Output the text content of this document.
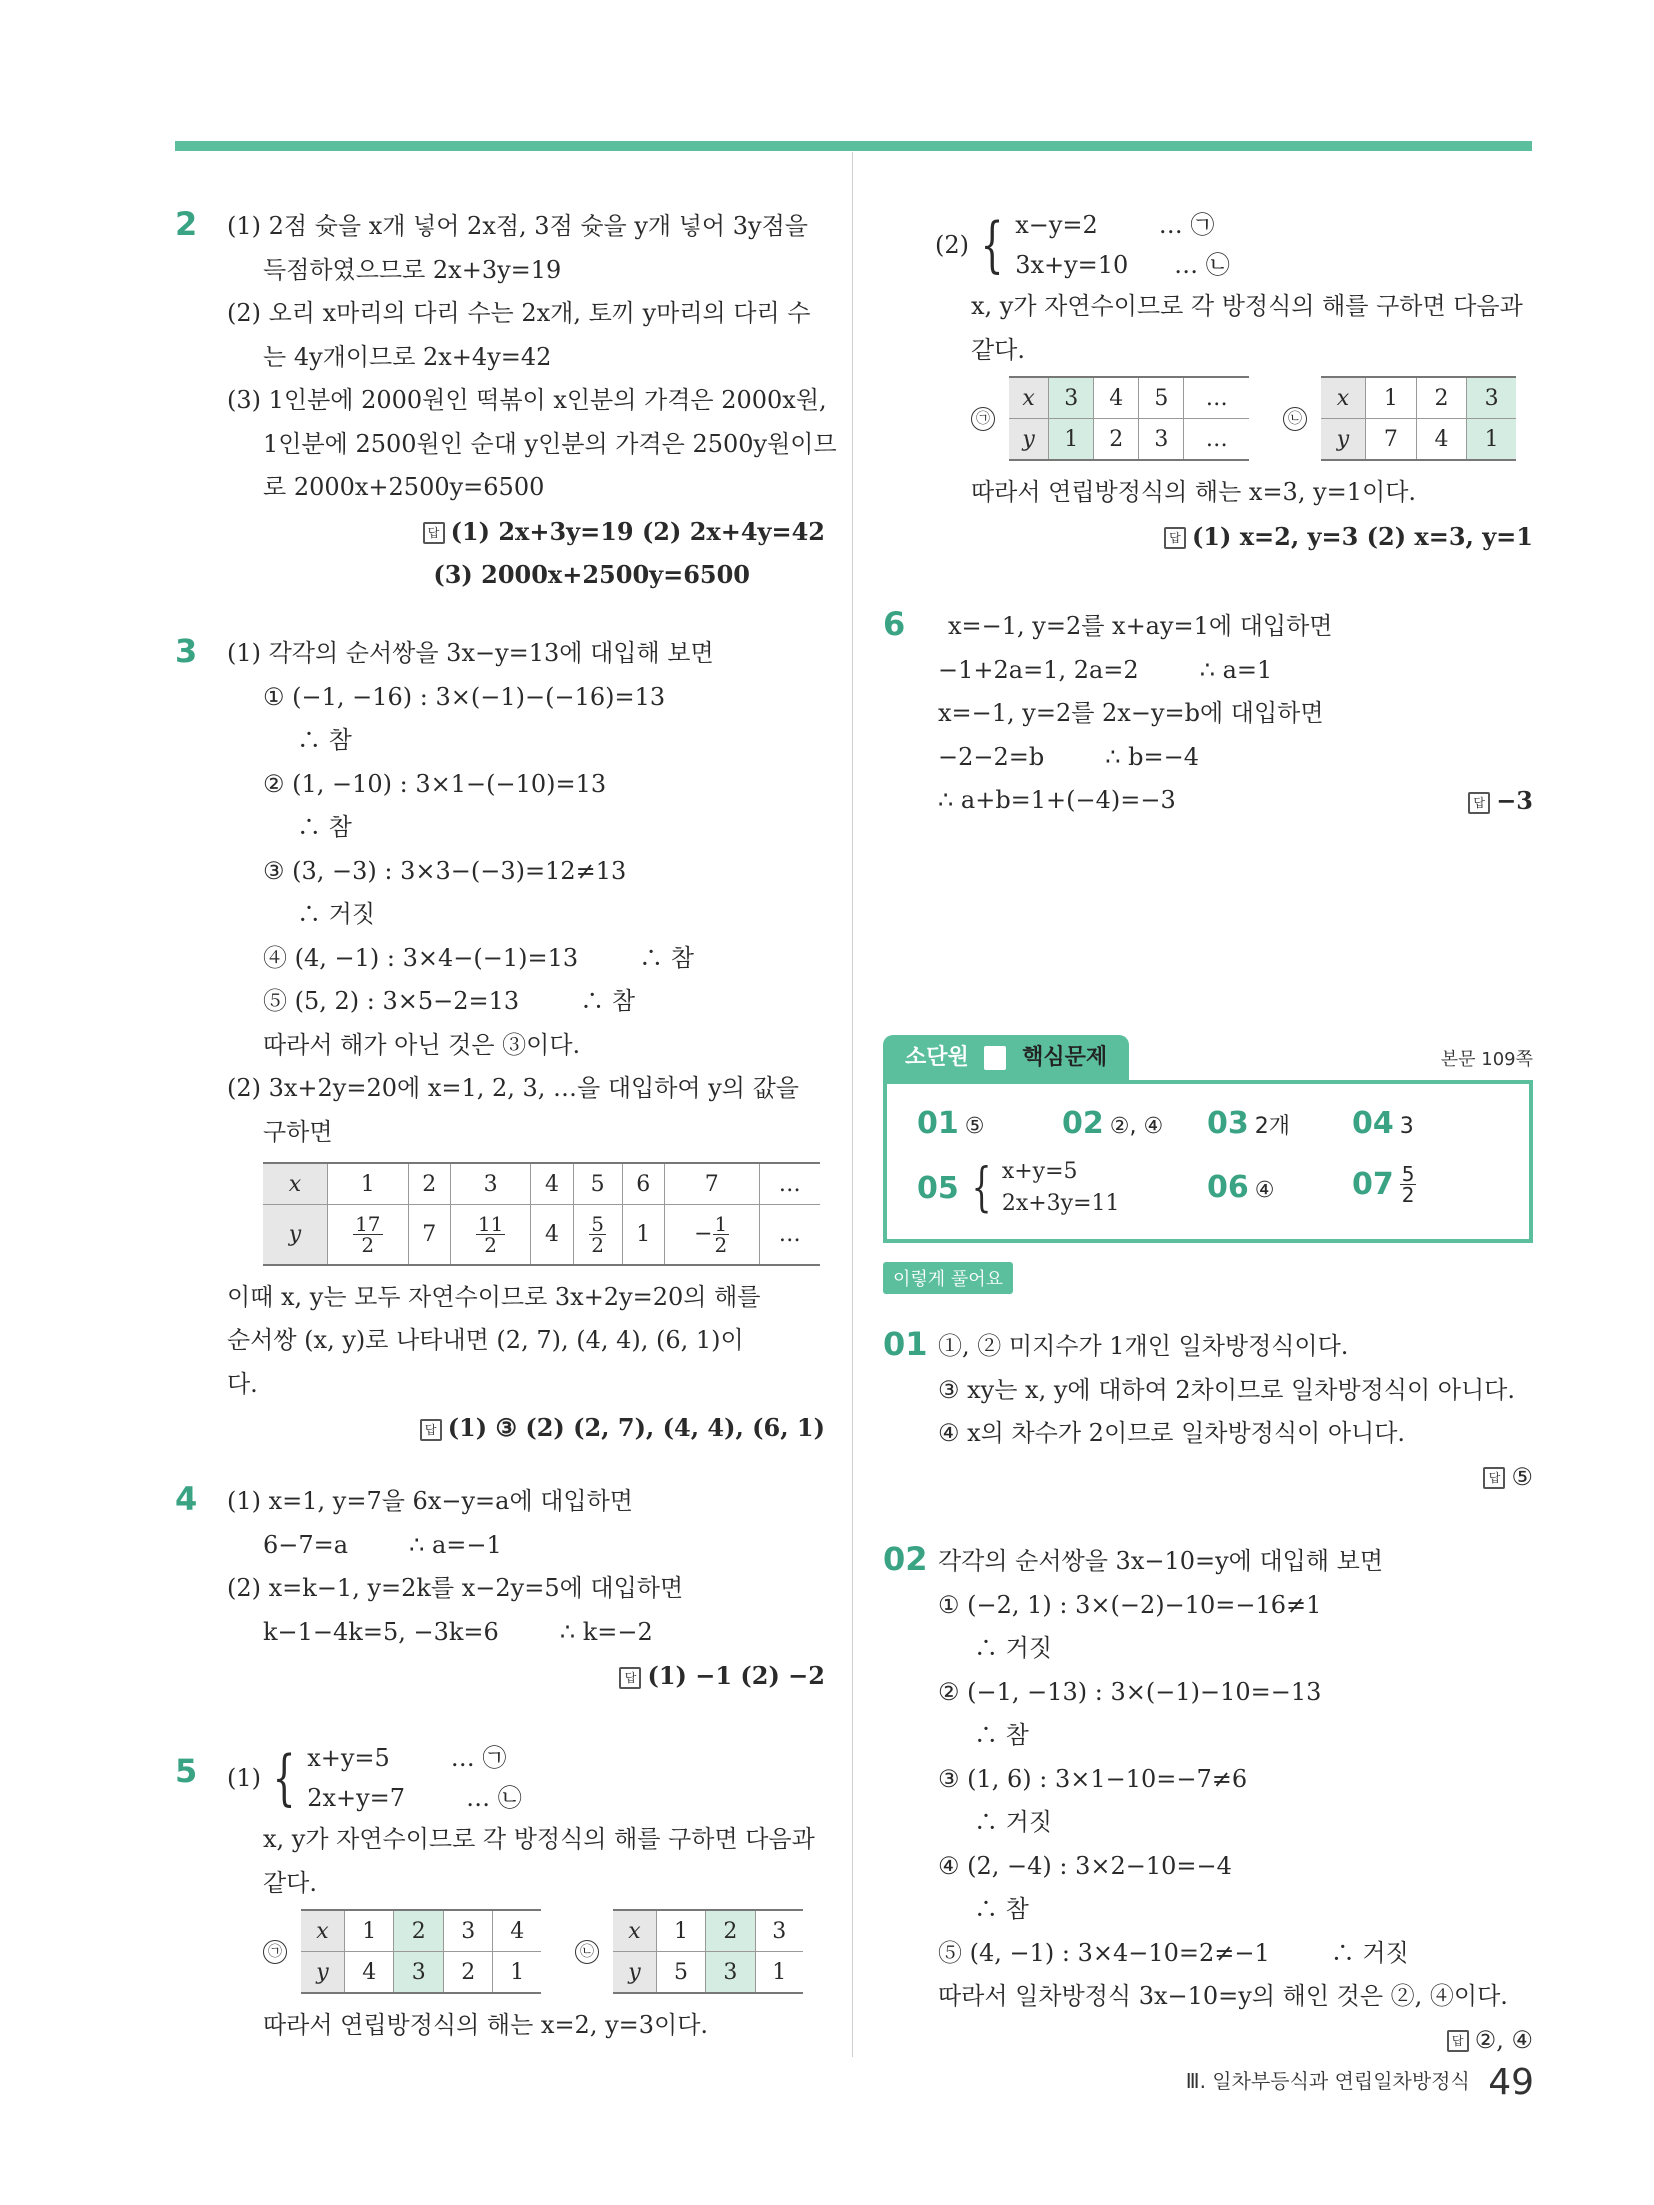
2 (1) 2점 슛을 x개 넣어 2x점, 3점 슛을 y개 넣어 3y점을
득점하였으므로 2x+3y=19
(2) 오리 x마리의 다리 수는 2x개, 토끼 y마리의 다리 수
는 4y개이므로 2x+4y=42
(3) 1인분에 2000원인 떡볶이 x인분의 가격은 2000x원,
1인분에 2500원인 순대 y인분의 가격은 2500y원이므
로 2000x+2500y=6500
답 (1) 2x+3y=19 (2) 2x+4y=42
(3) 2000x+2500y=6500
3 (1) 각각의 순서쌍을 3x−y=13에 대입해 보면
① (−1, −16) : 3×(−1)−(−16)=13
∴ 참
② (1, −10) : 3×1−(−10)=13
∴ 참
③ (3, −3) : 3×3−(−3)=12≠13
∴ 거짓
④ (4, −1) : 3×4−(−1)=13        ∴ 참
⑤ (5, 2) : 3×5−2=13        ∴ 참
따라서 해가 아닌 것은 ③이다.
(2) 3x+2y=20에 x=1, 2, 3, …을 대입하여 y의 값을
구하면
x	1	2	3	4	5	6	7	…
y	$\frac{17}{2}$	7	$\frac{11}{2}$	4	$\frac{5}{2}$	1	− $\frac{1}{2}$	…
이때 x, y는 모두 자연수이므로 3x+2y=20의 해를
순서쌍 (x, y)로 나타내면 (2, 7), (4, 4), (6, 1)이
다.
답 (1) ③ (2) (2, 7), (4, 4), (6, 1)
4 (1) x=1, y=7을 6x−y=a에 대입하면
6−7=a        ∴ a=−1
(2) x=k−1, y=2k를 x−2y=5에 대입하면
k−1−4k=5, −3k=6        ∴ k=−2
답 (1) −1 (2) −2
5 (1) { x+y=5        … ㉠
2x+y=7        … ㉡
x, y가 자연수이므로 각 방정식의 해를 구하면 다음과
같다.
㉠
x	1	2	3	4
y	4	3	2	1
㉡
x	1	2	3
y	5	3	1
따라서 연립방정식의 해는 x=2, y=3이다.
(2) { x−y=2        … ㉠
3x+y=10      … ㉡
x, y가 자연수이므로 각 방정식의 해를 구하면 다음과
같다.
㉠
x	3	4	5	…
y	1	2	3	…
㉡
x	1	2	3
y	7	4	1
따라서 연립방정식의 해는 x=3, y=1이다.
답 (1) x=2, y=3 (2) x=3, y=1
6	x=−1, y=2를 x+ay=1에 대입하면
−1+2a=1, 2a=2        ∴ a=1
x=−1, y=2를 2x−y=b에 대입하면
−2−2=b        ∴ b=−4
∴ a+b=1+(−4)=−3	답 −3
소단원 핵심문제	본문 109쪽
01 ⑤	02 ②, ④ 03 2개 04 3
05 { x+y=5
2x+3y=11	06 ④	$07 \frac{5}{2}$
이렇게 풀어요
01 ①, ② 미지수가 1개인 일차방정식이다.
③ xy는 x, y에 대하여 2차이므로 일차방정식이 아니다.
④ x의 차수가 2이므로 일차방정식이 아니다.
답 ⑤
02 각각의 순서쌍을 3x−10=y에 대입해 보면
① (−2, 1) : 3×(−2)−10=−16≠1
∴ 거짓
② (−1, −13) : 3×(−1)−10=−13
∴ 참
③ (1, 6) : 3×1−10=−7≠6
∴ 거짓
④ (2, −4) : 3×2−10=−4
∴ 참
⑤ (4, −1) : 3×4−10=2≠−1        ∴ 거짓
따라서 일차방정식 3x−10=y의 해인 것은 ②, ④이다.
답 ②, ④
Ⅲ. 일차부등식과 연립일차방정식 49
